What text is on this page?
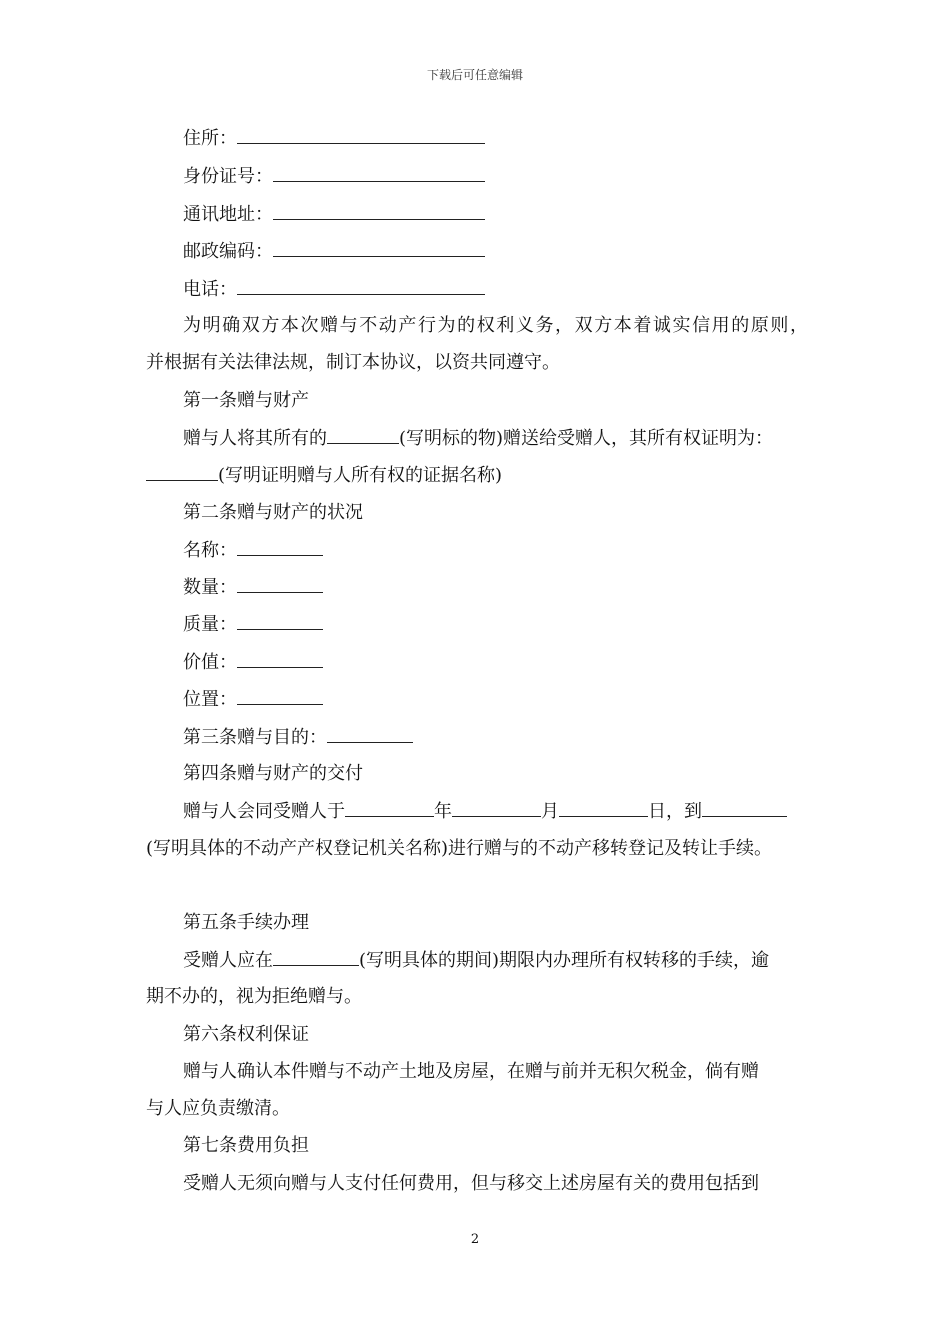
下载后可任意编辑
住所：
身份证号：
通讯地址：
邮政编码：
电话：
为明确双方本次赠与不动产行为的权利义务，双方本着诚实信用的原则，
并根据有关法律法规，制订本协议，以资共同遵守。
第一条赠与财产
赠与人将其所有的	(写明标的物)赠送给受赠人，其所有权证明为：
(写明证明赠与人所有权的证据名称)
第二条赠与财产的状况
名称：
数量：
质量：
价值：
位置：
第三条赠与目的：
第四条赠与财产的交付
赠与人会同受赠人于	年	月	日，到
(写明具体的不动产产权登记机关名称)进行赠与的不动产移转登记及转让手续。
第五条手续办理
受赠人应在	(写明具体的期间)期限内办理所有权转移的手续，逾
期不办的，视为拒绝赠与。
第六条权利保证
赠与人确认本件赠与不动产土地及房屋，在赠与前并无积欠税金，倘有赠
与人应负责缴清。
第七条费用负担
受赠人无须向赠与人支付任何费用，但与移交上述房屋有关的费用包括到
2
